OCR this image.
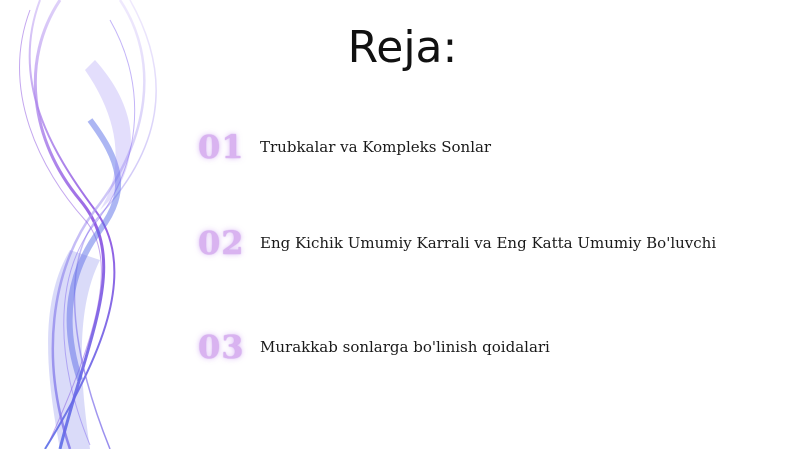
Reja:
01	Trubkalar va Kompleks Sonlar
02	Eng Kichik Umumiy Karrali va Eng Katta Umumiy Bo'luvchi
03	Murakkab sonlarga bo'linish qoidalari
